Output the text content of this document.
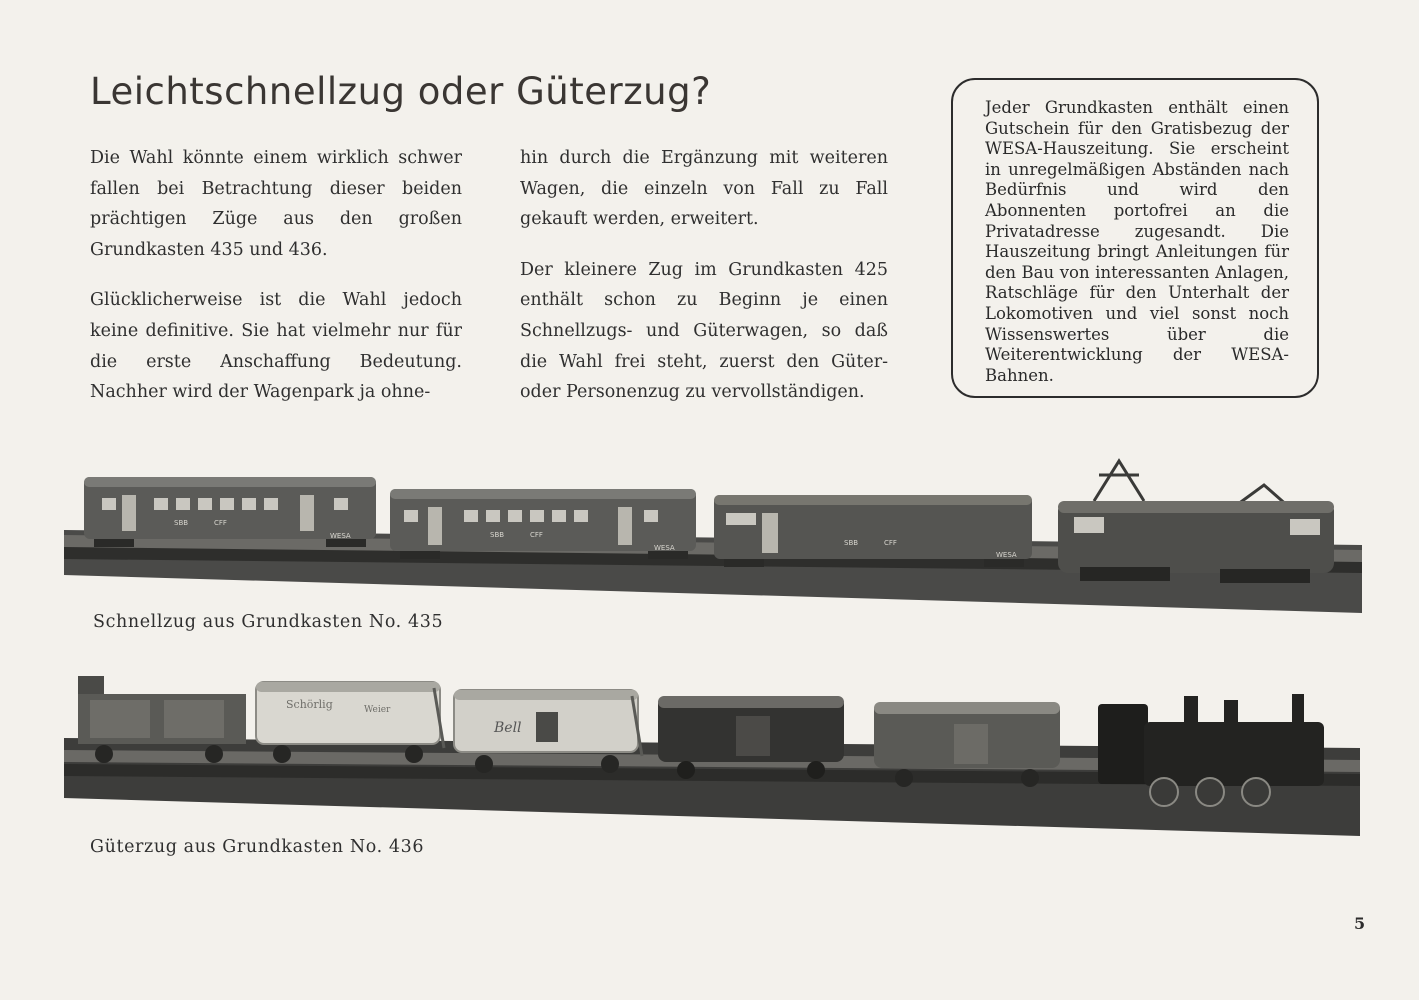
Leichtschnellzug oder Güterzug?

Die Wahl könnte einem wirklich schwer fallen bei Betrachtung dieser beiden prächtigen Züge aus den großen Grundkasten 435 und 436.

Glücklicherweise ist die Wahl jedoch keine definitive. Sie hat vielmehr nur für die erste Anschaffung Bedeutung. Nachher wird der Wagenpark ja ohne-

hin durch die Ergänzung mit weiteren Wagen, die einzeln von Fall zu Fall gekauft werden, erweitert.

Der kleinere Zug im Grundkasten 425 enthält schon zu Beginn je einen Schnellzugs- und Güterwagen, so daß die Wahl frei steht, zuerst den Güter- oder Personenzug zu vervollständigen.

Jeder Grundkasten enthält einen Gutschein für den Gratisbezug der WESA-Hauszeitung. Sie erscheint in unregelmäßigen Abständen nach Bedürfnis und wird den Abonnenten portofrei an die Privatadresse zugesandt. Die Hauszeitung bringt Anleitungen für den Bau von interessanten Anlagen, Ratschläge für den Unterhalt der Lokomotiven und viel sonst noch Wissenswertes über die Weiterentwicklung der WESA-Bahnen.
SBB	CFF
WESA	SBB	CFF
WESA
SBB	CFF
WESA
Schnellzug aus Grundkasten No. 435
Schörlig	Weier
Bell
Güterzug aus Grundkasten No. 436
5
